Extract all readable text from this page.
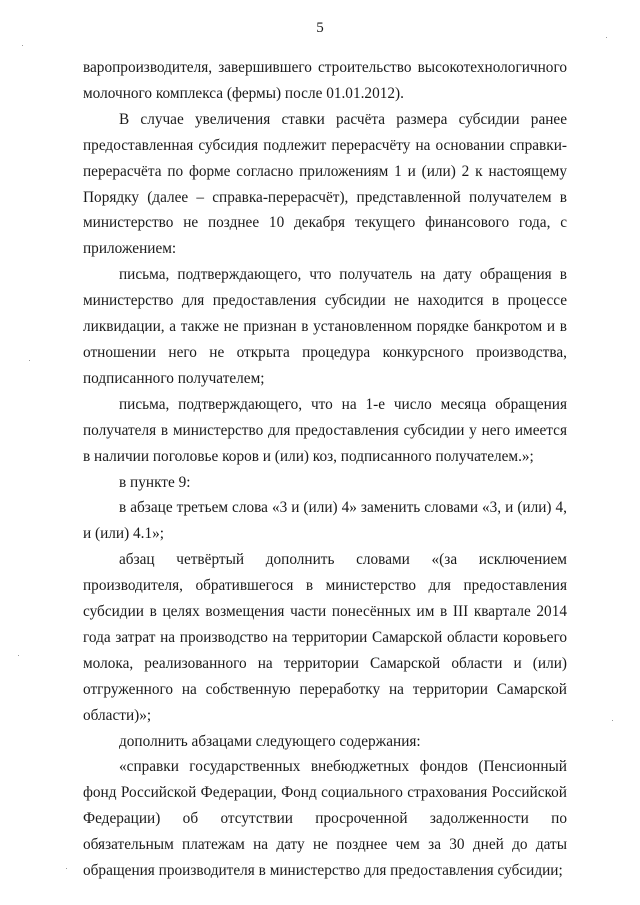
5

варопроизводителя, завершившего строительство высокотехнологичного молочного комплекса (фермы) после 01.01.2012).

В случае увеличения ставки расчёта размера субсидии ранее предоставленная субсидия подлежит перерасчёту на основании справки-перерасчёта по форме согласно приложениям 1 и (или) 2 к настоящему Порядку (далее – справка-перерасчёт), представленной получателем в министерство не позднее 10 декабря текущего финансового года, с приложением:

письма, подтверждающего, что получатель на дату обращения в министерство для предоставления субсидии не находится в процессе ликвидации, а также не признан в установленном порядке банкротом и в отношении него не открыта процедура конкурсного производства, подписанного получателем;

письма, подтверждающего, что на 1-е число месяца обращения получателя в министерство для предоставления субсидии у него имеется в наличии поголовье коров и (или) коз, подписанного получателем.»;

в пункте 9:

в абзаце третьем слова «3 и (или) 4» заменить словами «3, и (или) 4, и (или) 4.1»;

абзац четвёртый дополнить словами «(за исключением производителя, обратившегося в министерство для предоставления субсидии в целях возмещения части понесённых им в III квартале 2014 года затрат на производство на территории Самарской области коровьего молока, реализованного на территории Самарской области и (или) отгруженного на собственную переработку на территории Самарской области)»;

дополнить абзацами следующего содержания:

«справки государственных внебюджетных фондов (Пенсионный фонд Российской Федерации, Фонд социального страхования Российской Федерации) об отсутствии просроченной задолженности по обязательным платежам на дату не позднее чем за 30 дней до даты обращения производителя в министерство для предоставления субсидии;
